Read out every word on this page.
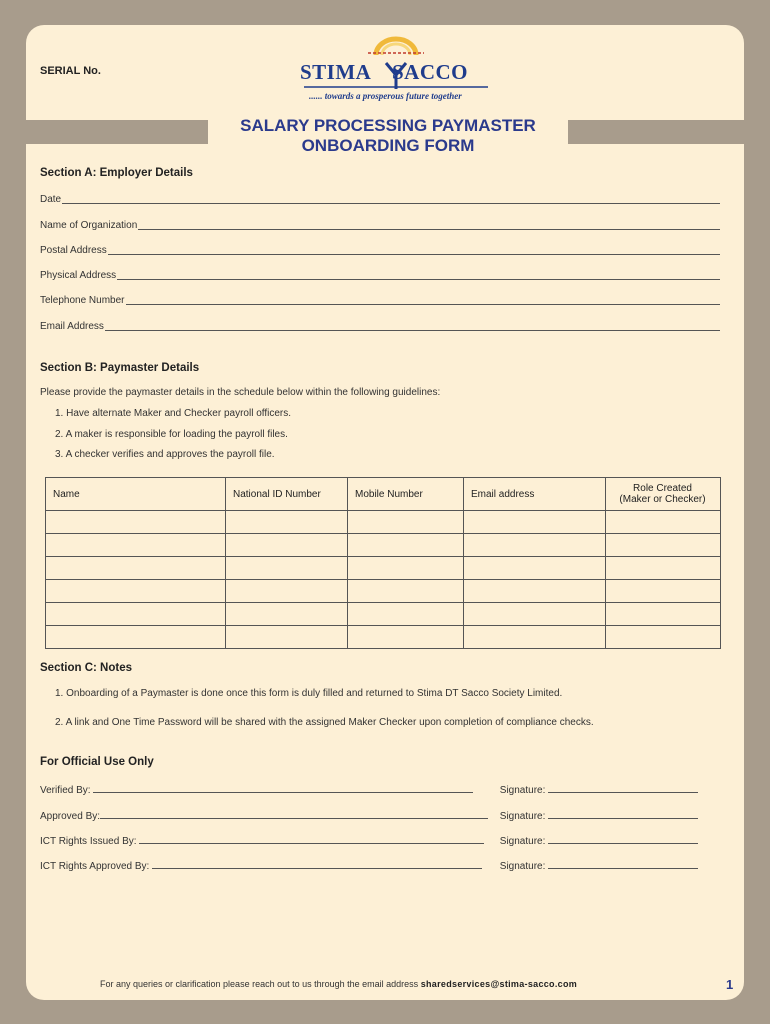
SERIAL No.	STIMA SACCO
...... towards a prosperous future together
SALARY PROCESSING PAYMASTER
ONBOARDING FORM
Section A: Employer Details
Date
Name of Organization
Postal Address
Physical Address
Telephone Number
Email Address
Section B: Paymaster Details
Please provide the paymaster details in the schedule below within the following guidelines:
1. Have alternate Maker and Checker payroll officers.
2. A maker is responsible for loading the payroll files.
3. A checker verifies and approves the payroll file.
Name	National ID Number	Mobile Number	Email address	Role Created
(Maker or Checker)

Section C: Notes
1. Onboarding of a Paymaster is done once this form is duly filled and returned to Stima DT Sacco Society Limited.
2. A link and One Time Password will be shared with the assigned Maker Checker upon completion of compliance checks.
For Official Use Only
Verified By:	Signature:
Approved By:	Signature:
ICT Rights Issued By:	Signature:
ICT Rights Approved By:	Signature:
For any queries or clarification please reach out to us through the email address sharedservices@stima-sacco.com	1
